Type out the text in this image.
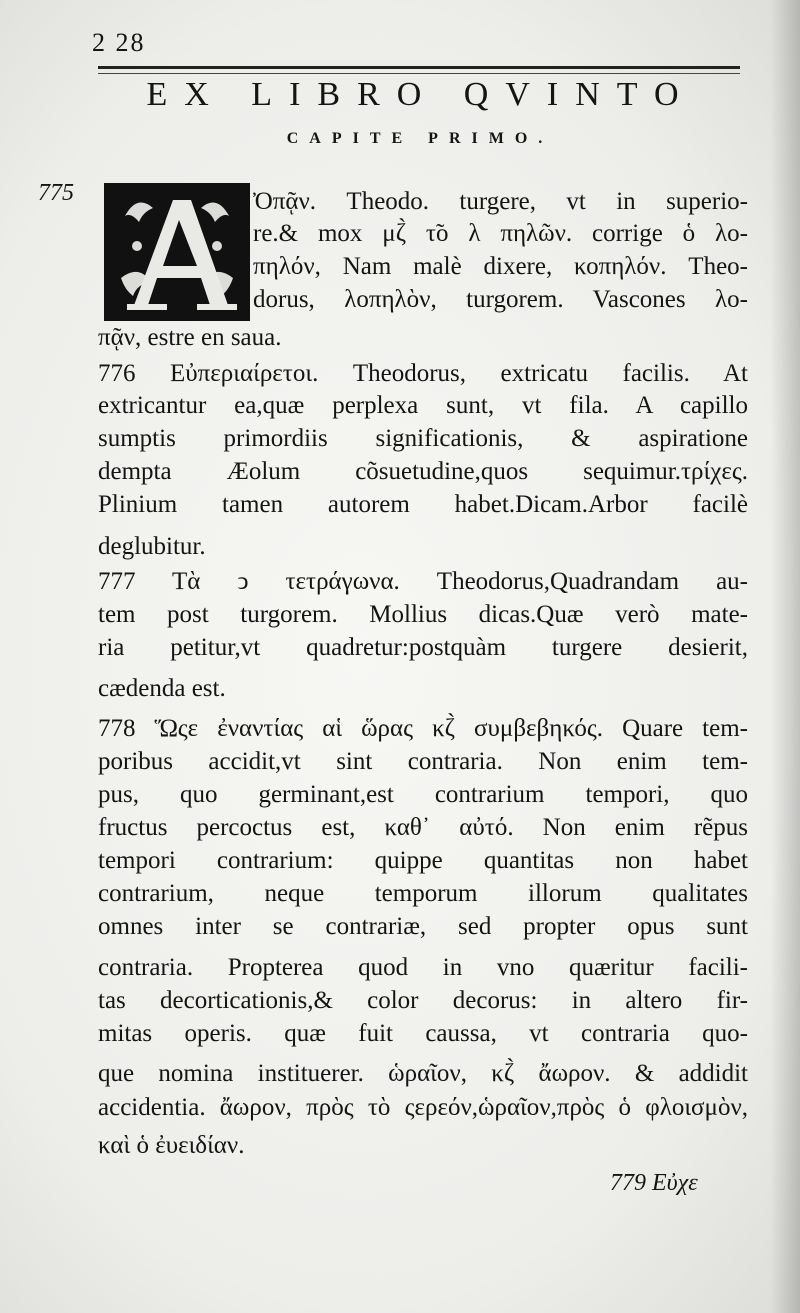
2 28
EX LIBRO QVINTO
CAPITE PRIMO.
775	Ὀπᾷν. Theodo. turgere, vt in superio-
re.& mox μζ̀ τ̃ο λ πηλῶν. corrige ὁ λο-
πηλόν, Nam malè dixere, κοπηλόν. Theo-
dorus, λοπηλὸν, turgorem. Vascones λο-
πᾷν, estre en saua.
776 Εὐπεριαίρετοι. Theodorus, extricatu facilis. At
extricantur ea,quæ perplexa sunt, vt fila. A capillo
sumptis primordiis significationis, & aspiratione
dempta Æolum cõsuetudine,quos sequimur.τρίχες.
Plinium tamen autorem habet.Dicam.Arbor facilè
deglubitur.
777 Τὰ ͻ τετράγωνα. Theodorus,Quadrandam au-
tem post turgorem. Mollius dicas.Quæ verò mate-
ria petitur,vt quadretur:postquàm turgere desierit,
cædenda est.
778 Ὥςε ἐναντίας αἱ ὥρας κζ̀ συμβεβηκός. Quare tem-
poribus accidit,vt sint contraria. Non enim tem-
pus, quo germinant,est contrarium tempori, quo
fructus percoctus est, καθ᾽ αὐτό. Non enim rẽpus
tempori contrarium: quippe quantitas non habet
contrarium, neque temporum illorum qualitates
omnes inter se contrariæ, sed propter opus sunt
contraria. Propterea quod in vno quæritur facili-
tas decorticationis,& color decorus: in altero fir-
mitas operis. quæ fuit caussa, vt contraria quo-
que nomina instituerer. ὡραῖον, κζ̀ ἄωρον. & addidit
accidentia. ἄωρον, πρὸς τὸ ςερεόν,ὡραῖον,πρὸς ὁ φλοισμὸν,
καὶ ὁ ἐυειδίαν.
779 Εὐχε
